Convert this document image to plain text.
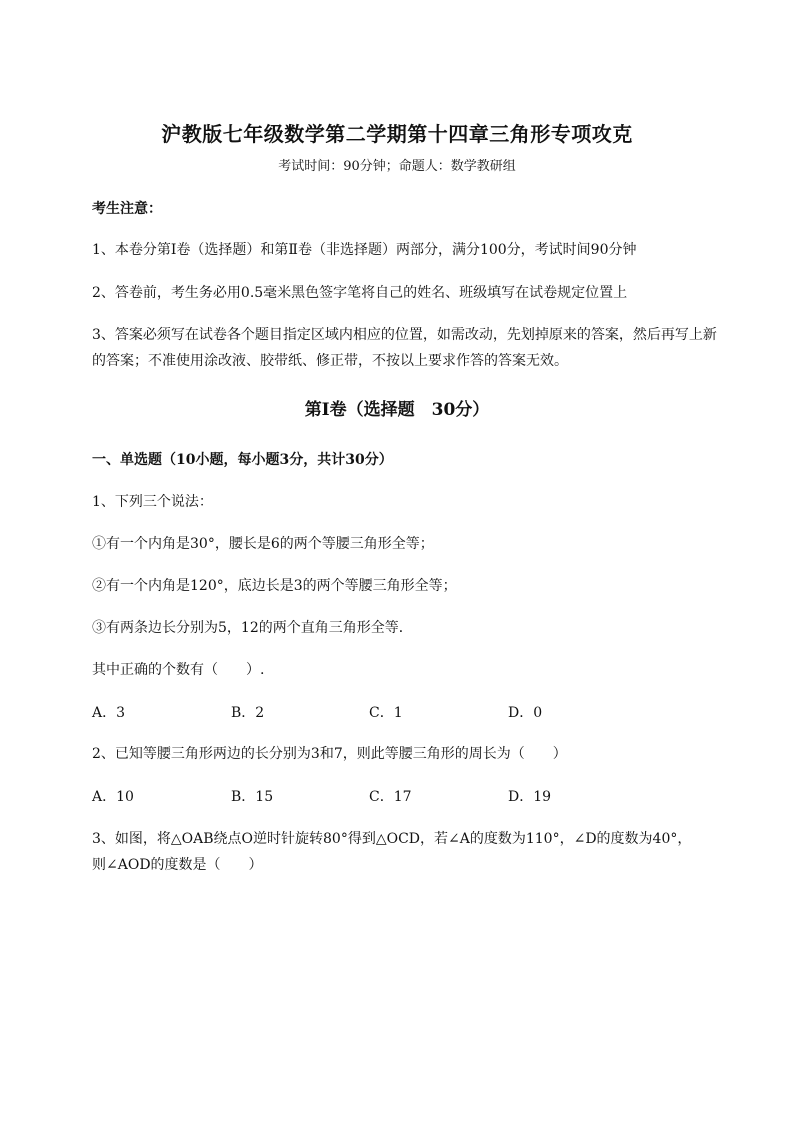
沪教版七年级数学第二学期第十四章三角形专项攻克
考试时间：90分钟；命题人：数学教研组
考生注意：
1、本卷分第I卷（选择题）和第Ⅱ卷（非选择题）两部分，满分100分，考试时间90分钟
2、答卷前，考生务必用0.5毫米黑色签字笔将自己的姓名、班级填写在试卷规定位置上
3、答案必须写在试卷各个题目指定区域内相应的位置，如需改动，先划掉原来的答案，然后再写上新
的答案；不准使用涂改液、胶带纸、修正带，不按以上要求作答的答案无效。
第I卷（选择题　30分）
一、单选题（10小题，每小题3分，共计30分）
1、下列三个说法：
①有一个内角是30°，腰长是6的两个等腰三角形全等；
②有一个内角是120°，底边长是3的两个等腰三角形全等；
③有两条边长分别为5，12的两个直角三角形全等．
其中正确的个数有（　　）.
A．3	B．2	C．1	D．0
2、已知等腰三角形两边的长分别为3和7，则此等腰三角形的周长为（　　）
A．10	B．15	C．17	D．19
3、如图，将△OAB绕点O逆时针旋转80°得到△OCD，若∠A的度数为110°，∠D的度数为40°，
则∠AOD的度数是（　　）
